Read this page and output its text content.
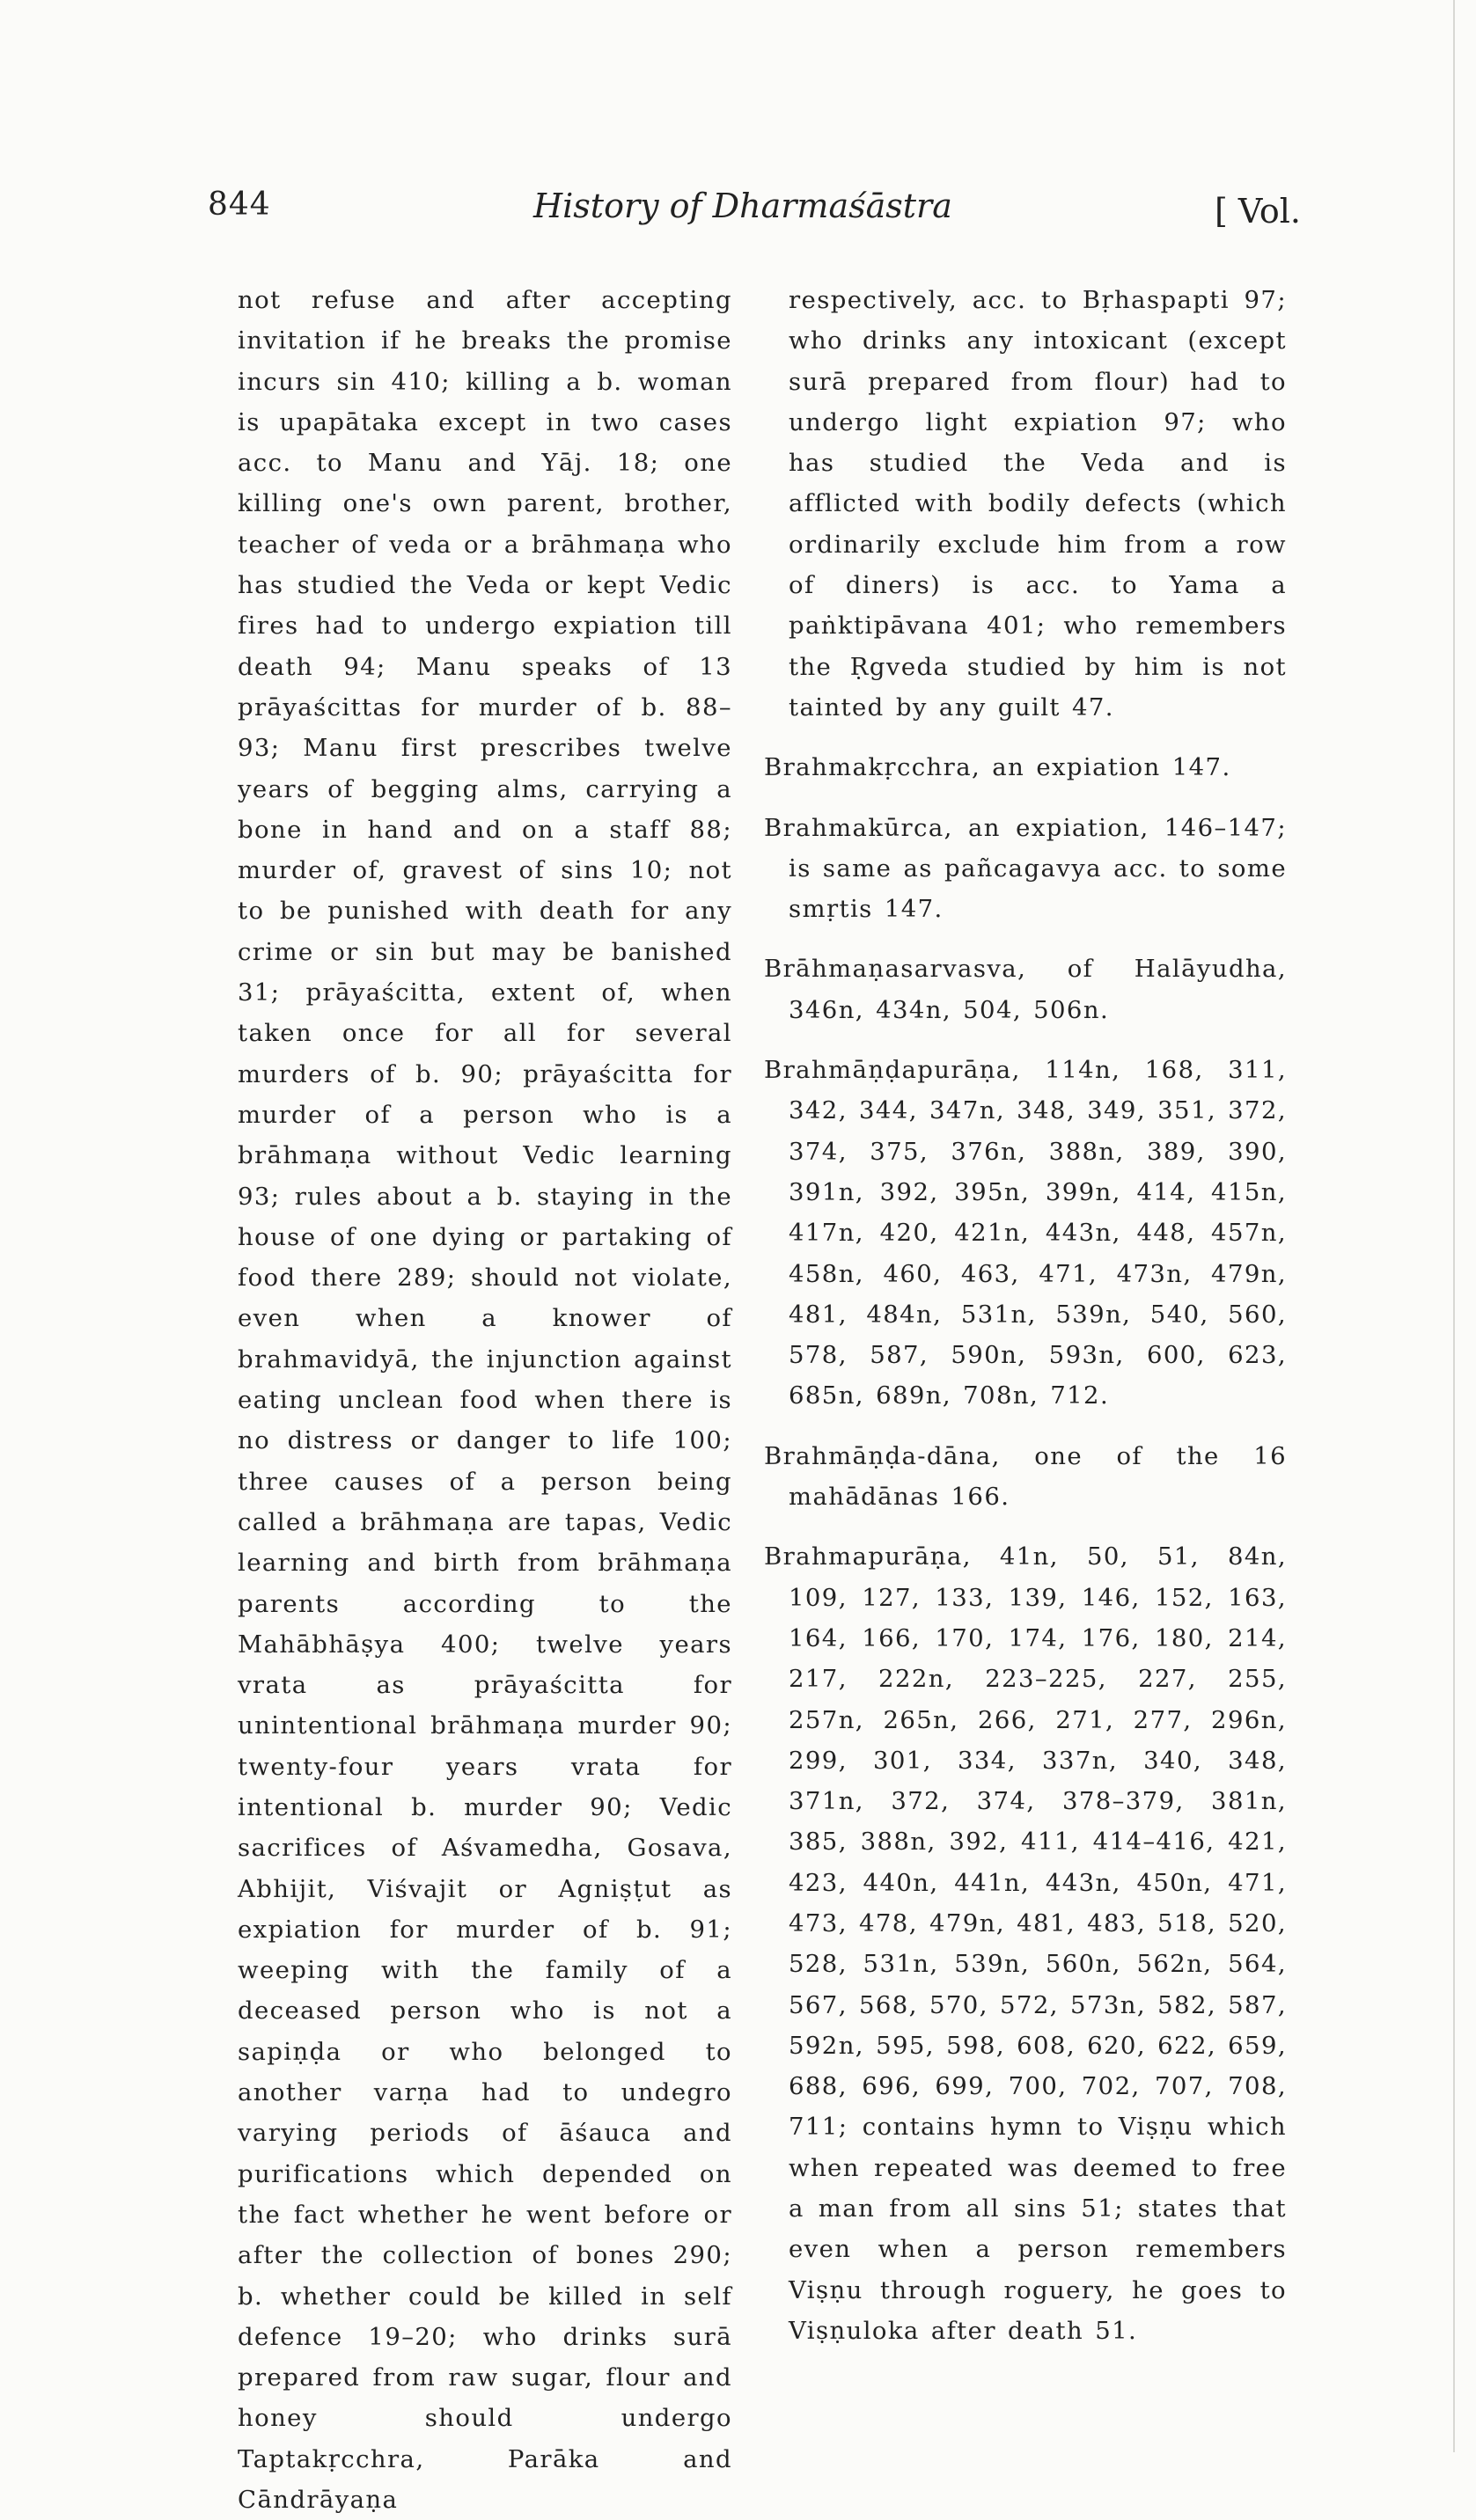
844	History of Dharmaśāstra	[ Vol.

not refuse and after accepting invitation if he breaks the promise incurs sin 410; killing a b. woman is upapātaka except in two cases acc. to Manu and Yāj. 18; one killing one's own parent, brother, teacher of veda or a brāhmaṇa who has studied the Veda or kept Vedic fires had to undergo expiation till death 94; Manu speaks of 13 prāyaścittas for murder of b. 88–93; Manu first prescribes twelve years of begging alms, carrying a bone in hand and on a staff 88; murder of, gravest of sins 10; not to be punished with death for any crime or sin but may be banished 31; prāyaścitta, extent of, when taken once for all for several murders of b. 90; prāyaścitta for murder of a person who is a brāhmaṇa without Vedic learning 93; rules about a b. staying in the house of one dying or partaking of food there 289; should not violate, even when a knower of brahmavidyā, the injunction against eating unclean food when there is no distress or danger to life 100; three causes of a person being called a brāhmaṇa are tapas, Vedic learning and birth from brāhmaṇa parents according to the Mahābhāṣya 400; twelve years vrata as prāyaścitta for unintentional brāhmaṇa murder 90; twenty-four years vrata for intentional b. murder 90; Vedic sacrifices of Aśvamedha, Gosava, Abhijit, Viśvajit or Agniṣṭut as expiation for murder of b. 91; weeping with the family of a deceased person who is not a sapiṇḍa or who belonged to another varṇa had to undegro varying periods of āśauca and purifications which depended on the fact whether he went before or after the collection of bones 290; b. whether could be killed in self defence 19–20; who drinks surā prepared from raw sugar, flour and honey should undergo Taptakṛcchra, Parāka and Cāndrāyaṇa

respectively, acc. to Bṛhaspapti 97; who drinks any intoxicant (except surā prepared from flour) had to undergo light expiation 97; who has studied the Veda and is afflicted with bodily defects (which ordinarily exclude him from a row of diners) is acc. to Yama a paṅktipāvana 401; who remembers the Ṛgveda studied by him is not tainted by any guilt 47.

Brahmakṛcchra, an expiation 147.

Brahmakūrca, an expiation, 146–147; is same as pañcagavya acc. to some smṛtis 147.

Brāhmaṇasarvasva, of Halāyudha, 346n, 434n, 504, 506n.

Brahmāṇḍapurāṇa, 114n, 168, 311, 342, 344, 347n, 348, 349, 351, 372, 374, 375, 376n, 388n, 389, 390, 391n, 392, 395n, 399n, 414, 415n, 417n, 420, 421n, 443n, 448, 457n, 458n, 460, 463, 471, 473n, 479n, 481, 484n, 531n, 539n, 540, 560, 578, 587, 590n, 593n, 600, 623, 685n, 689n, 708n, 712.

Brahmāṇḍa-dāna, one of the 16 mahādānas 166.

Brahmapurāṇa, 41n, 50, 51, 84n, 109, 127, 133, 139, 146, 152, 163, 164, 166, 170, 174, 176, 180, 214, 217, 222n, 223–225, 227, 255, 257n, 265n, 266, 271, 277, 296n, 299, 301, 334, 337n, 340, 348, 371n, 372, 374, 378–379, 381n, 385, 388n, 392, 411, 414–416, 421, 423, 440n, 441n, 443n, 450n, 471, 473, 478, 479n, 481, 483, 518, 520, 528, 531n, 539n, 560n, 562n, 564, 567, 568, 570, 572, 573n, 582, 587, 592n, 595, 598, 608, 620, 622, 659, 688, 696, 699, 700, 702, 707, 708, 711; contains hymn to Viṣṇu which when repeated was deemed to free a man from all sins 51; states that even when a person remembers Viṣṇu through roguery, he goes to Viṣṇuloka after death 51.
